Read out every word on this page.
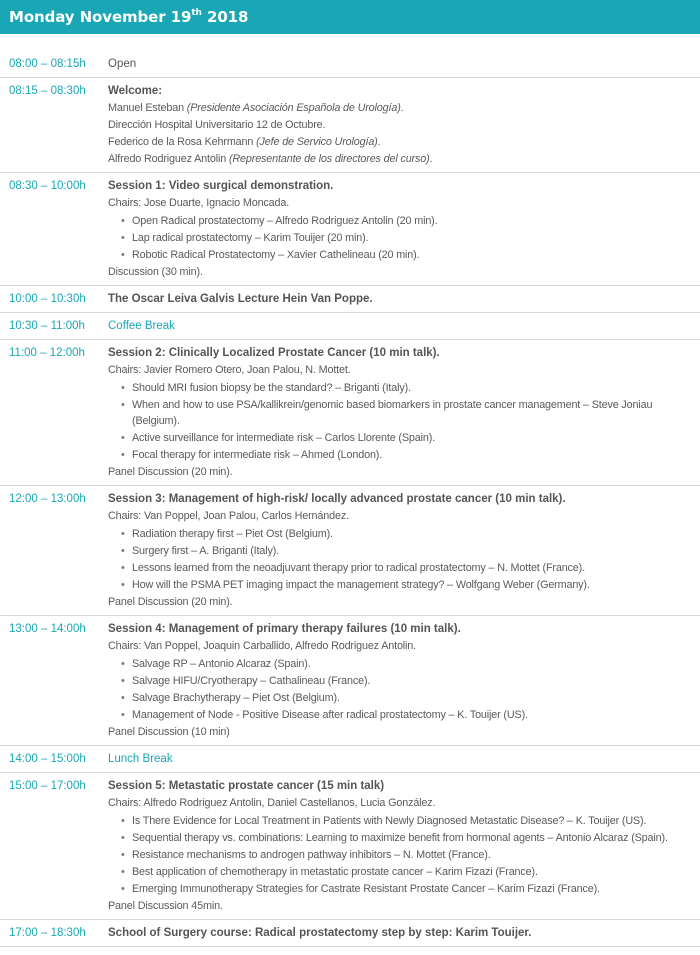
Monday November 19th 2018
08:00 – 08:15h	Open
08:15 – 08:30h	Welcome:
Manuel Esteban (Presidente Asociación Española de Urología).
Dirección Hospital Universitario 12 de Octubre.
Federico de la Rosa Kehrmann (Jefe de Servico Urología).
Alfredo Rodriguez Antolin (Representante de los directores del curso).
08:30 – 10:00h	Session 1: Video surgical demonstration.
Chairs: Jose Duarte, Ignacio Moncada.
• Open Radical prostatectomy – Alfredo Rodriguez Antolin (20 min).
• Lap radical prostatectomy – Karim Touijer (20 min).
• Robotic Radical Prostatectomy – Xavier Cathelineau (20 min).
Discussion (30 min).
10:00 – 10:30h	The Oscar Leiva Galvis Lecture Hein Van Poppe.
10:30 – 11:00h	Coffee Break
11:00 – 12:00h	Session 2: Clinically Localized Prostate Cancer (10 min talk).
Chairs: Javier Romero Otero, Joan Palou, N. Mottet.
• Should MRI fusion biopsy be the standard? – Briganti (Italy).
• When and how to use PSA/kallikrein/genomic based biomarkers in prostate cancer management – Steve Joniau (Belgium).
• Active surveillance for intermediate risk – Carlos Llorente (Spain).
• Focal therapy for intermediate risk – Ahmed (London).
Panel Discussion (20 min).
12:00 – 13:00h	Session 3: Management of high-risk/ locally advanced prostate cancer (10 min talk).
Chairs: Van Poppel, Joan Palou, Carlos Hernández.
• Radiation therapy first – Piet Ost (Belgium).
• Surgery first – A. Briganti (Italy).
• Lessons learned from the neoadjuvant therapy prior to radical prostatectomy – N. Mottet (France).
• How will the PSMA PET imaging impact the management strategy? – Wolfgang Weber (Germany).
Panel Discussion (20 min).
13:00 – 14:00h	Session 4: Management of primary therapy failures (10 min talk).
Chairs: Van Poppel, Joaquin Carballido, Alfredo Rodriguez Antolin.
• Salvage RP – Antonio Alcaraz (Spain).
• Salvage HIFU/Cryotherapy – Cathalineau (France).
• Salvage Brachytherapy – Piet Ost (Belgium).
• Management of Node - Positive Disease after radical prostatectomy – K. Touijer (US).
Panel Discussion (10 min)
14:00 – 15:00h	Lunch Break
15:00 – 17:00h	Session 5: Metastatic prostate cancer (15 min talk)
Chairs: Alfredo Rodriguez Antolin, Daniel Castellanos, Lucia González.
• Is There Evidence for Local Treatment in Patients with Newly Diagnosed Metastatic Disease? – K. Touijer (US).
• Sequential therapy vs. combinations: Learning to maximize benefit from hormonal agents – Antonio Alcaraz (Spain).
• Resistance mechanisms to androgen pathway inhibitors – N. Mottet (France).
• Best application of chemotherapy in metastatic prostate cancer – Karim Fizazi (France).
• Emerging Immunotherapy Strategies for Castrate Resistant Prostate Cancer – Karim Fizazi (France).
Panel Discussion 45min.
17:00 – 18:30h	School of Surgery course: Radical prostatectomy step by step: Karim Touijer.
